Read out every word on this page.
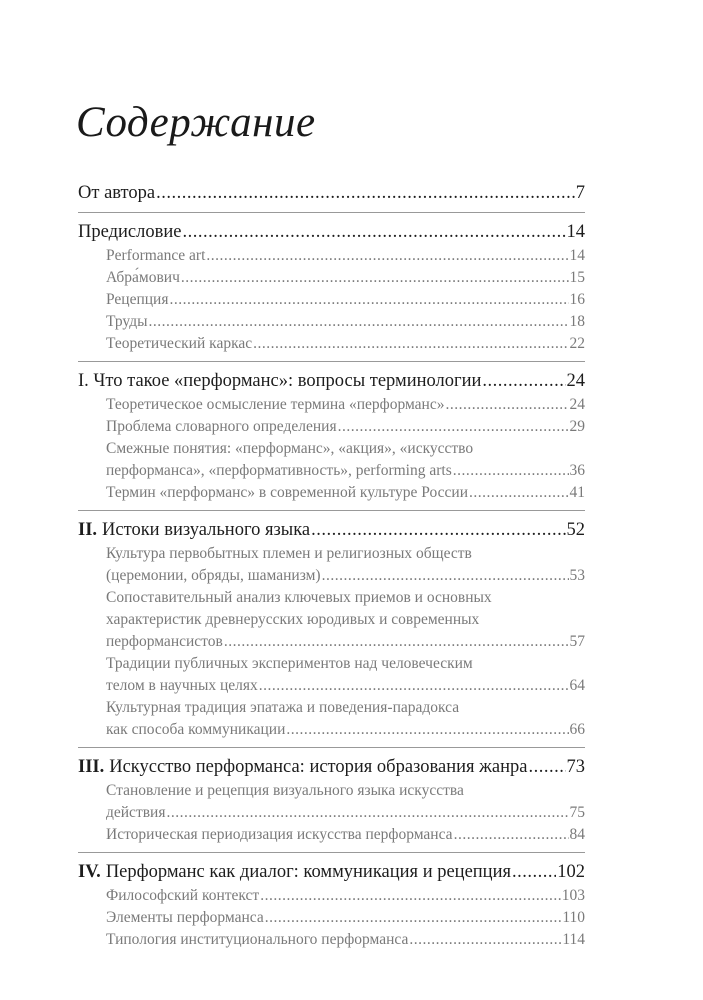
Содержание
От автора .....	7
Предисловие .....	14
Performance art .....	14
Абра́мович .....	15
Рецепция .....	16
Труды .....	18
Теоретический каркас .....	22
I. Что такое «перформанс»: вопросы терминологии .....	24
Теоретическое осмысление термина «перформанс» .....	24
Проблема словарного определения .....	29
Смежные понятия: «перформанс», «акция», «искусство
перформанса», «перформативность», performing arts .....	36
Термин «перформанс» в современной культуре России .....	41
II. Истоки визуального языка .....	52
Культура первобытных племен и религиозных обществ
(церемонии, обряды, шаманизм) .....	53
Сопоставительный анализ ключевых приемов и основных
характеристик древнерусских юродивых и современных
перформансистов .....	57
Традиции публичных экспериментов над человеческим
телом в научных целях .....	64
Культурная традиция эпатажа и поведения-парадокса
как способа коммуникации .....	66
III. Искусство перформанса: история образования жанра ..... 73
Становление и рецепция визуального языка искусства
действия .....	75
Историческая периодизация искусства перформанса .....	84
IV. Перформанс как диалог: коммуникация и рецепция .....	102
Философский контекст .....	103
Элементы перформанса .....	110
Типология институционального перформанса .....	114
